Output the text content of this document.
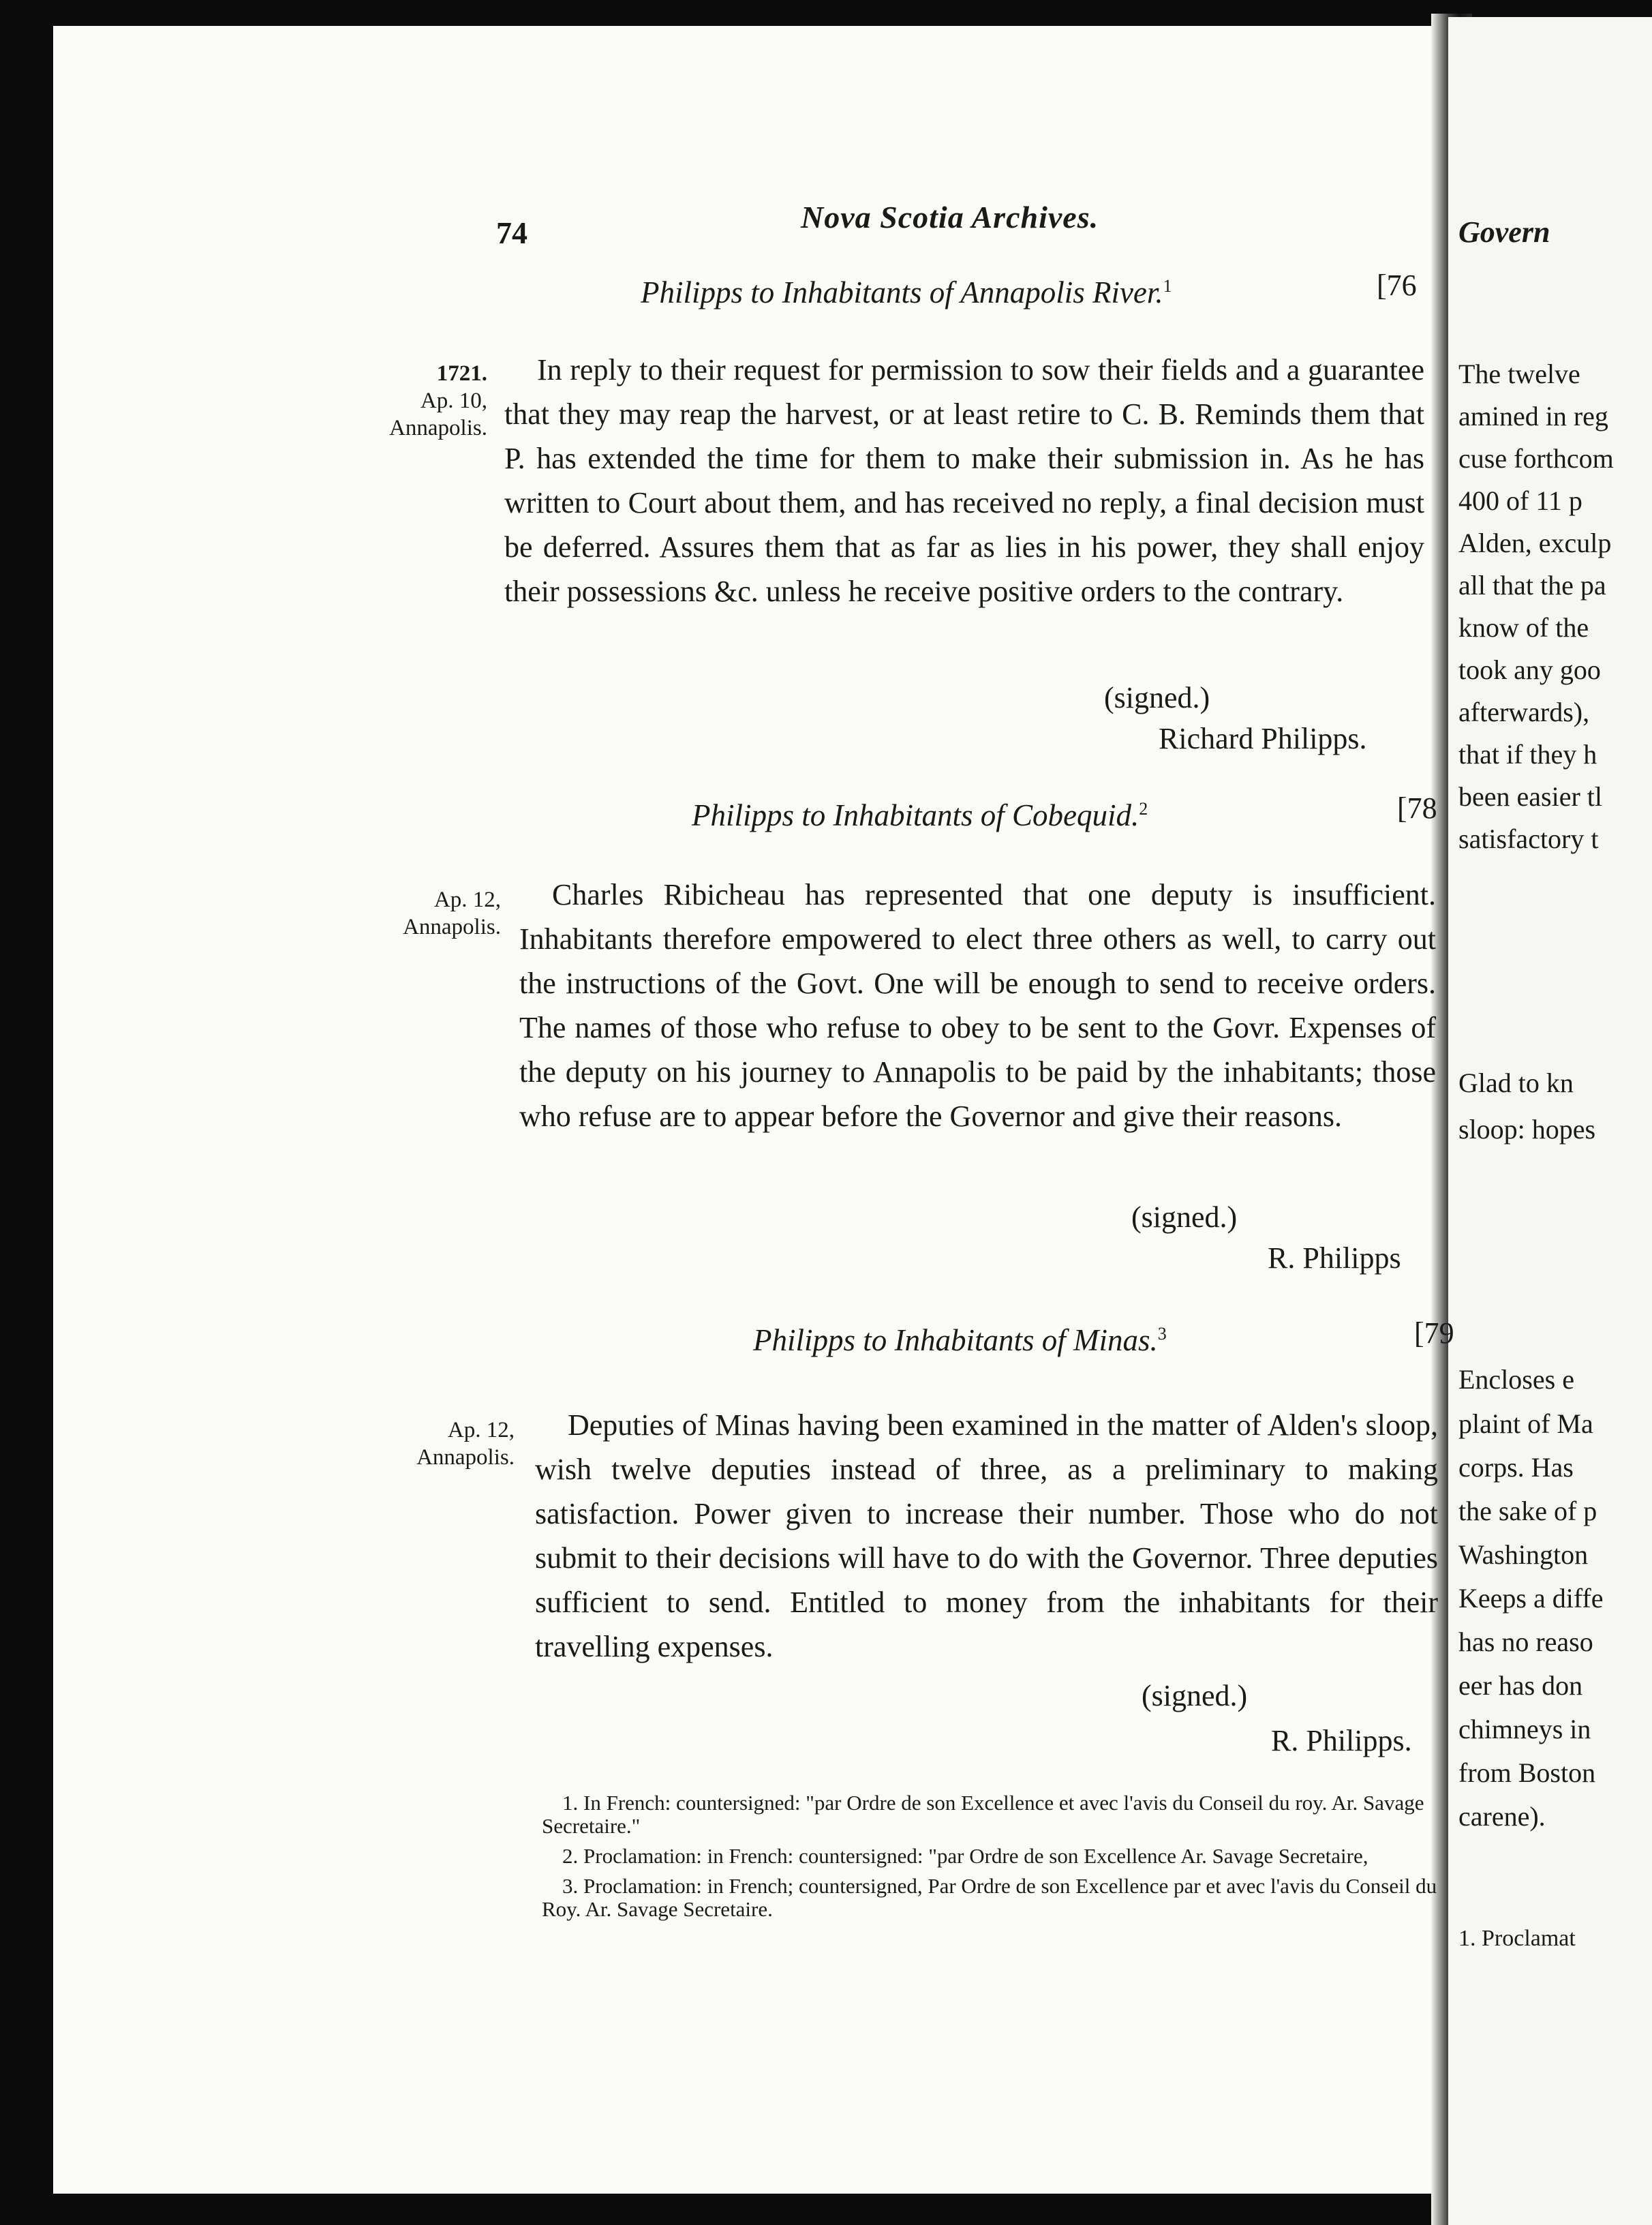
Govern
The twelve
amined in reg
cuse forthcom
400 of 11 p
Alden, exculp
all that the pa
know of the
took any goo
afterwards),
that if they h
been easier tl
satisfactory t
Glad to kn
sloop: hopes
Encloses e
plaint of Ma
corps. Has
the sake of p
Washington
Keeps a diffe
has no reaso
eer has don
chimneys in
from Boston
carene).
1. Proclamat
74	Nova Scotia Archives.
Philipps to Inhabitants of Annapolis River.$^1$	[76
1721.
Ap. 10,
Annapolis.
In reply to their request for permission to sow their fields and a guarantee that they may reap the harvest, or at least retire to C. B. Reminds them that P. has extended the time for them to make their submission in. As he has written to Court about them, and has received no reply, a final decision must be deferred. Assures them that as far as lies in his power, they shall enjoy their possessions &c. unless he receive positive orders to the contrary.
(signed.)
Richard Philipps.
Philipps to Inhabitants of Cobequid.$^2$	[78
Ap. 12,
Annapolis.
Charles Ribicheau has represented that one deputy is insufficient. Inhabitants therefore empowered to elect three others as well, to carry out the instructions of the Govt. One will be enough to send to receive orders. The names of those who refuse to obey to be sent to the Govr. Expenses of the deputy on his journey to Annapolis to be paid by the inhabitants; those who refuse are to appear before the Governor and give their reasons.
(signed.)
R. Philipps
Philipps to Inhabitants of Minas.$^3$	[79
Ap. 12,
Annapolis.
Deputies of Minas having been examined in the matter of Alden's sloop, wish twelve deputies instead of three, as a preliminary to making satisfaction. Power given to increase their number. Those who do not submit to their decisions will have to do with the Governor. Three deputies sufficient to send. Entitled to money from the inhabitants for their travelling expenses.
(signed.)
R. Philipps.

1. In French: countersigned: "par Ordre de son Excellence et avec l'avis du Conseil du roy. Ar. Savage Secretaire."

2. Proclamation: in French: countersigned: "par Ordre de son Excellence Ar. Savage Secretaire,

3. Proclamation: in French; countersigned, Par Ordre de son Excellence par et avec l'avis du Conseil du Roy. Ar. Savage Secretaire.
